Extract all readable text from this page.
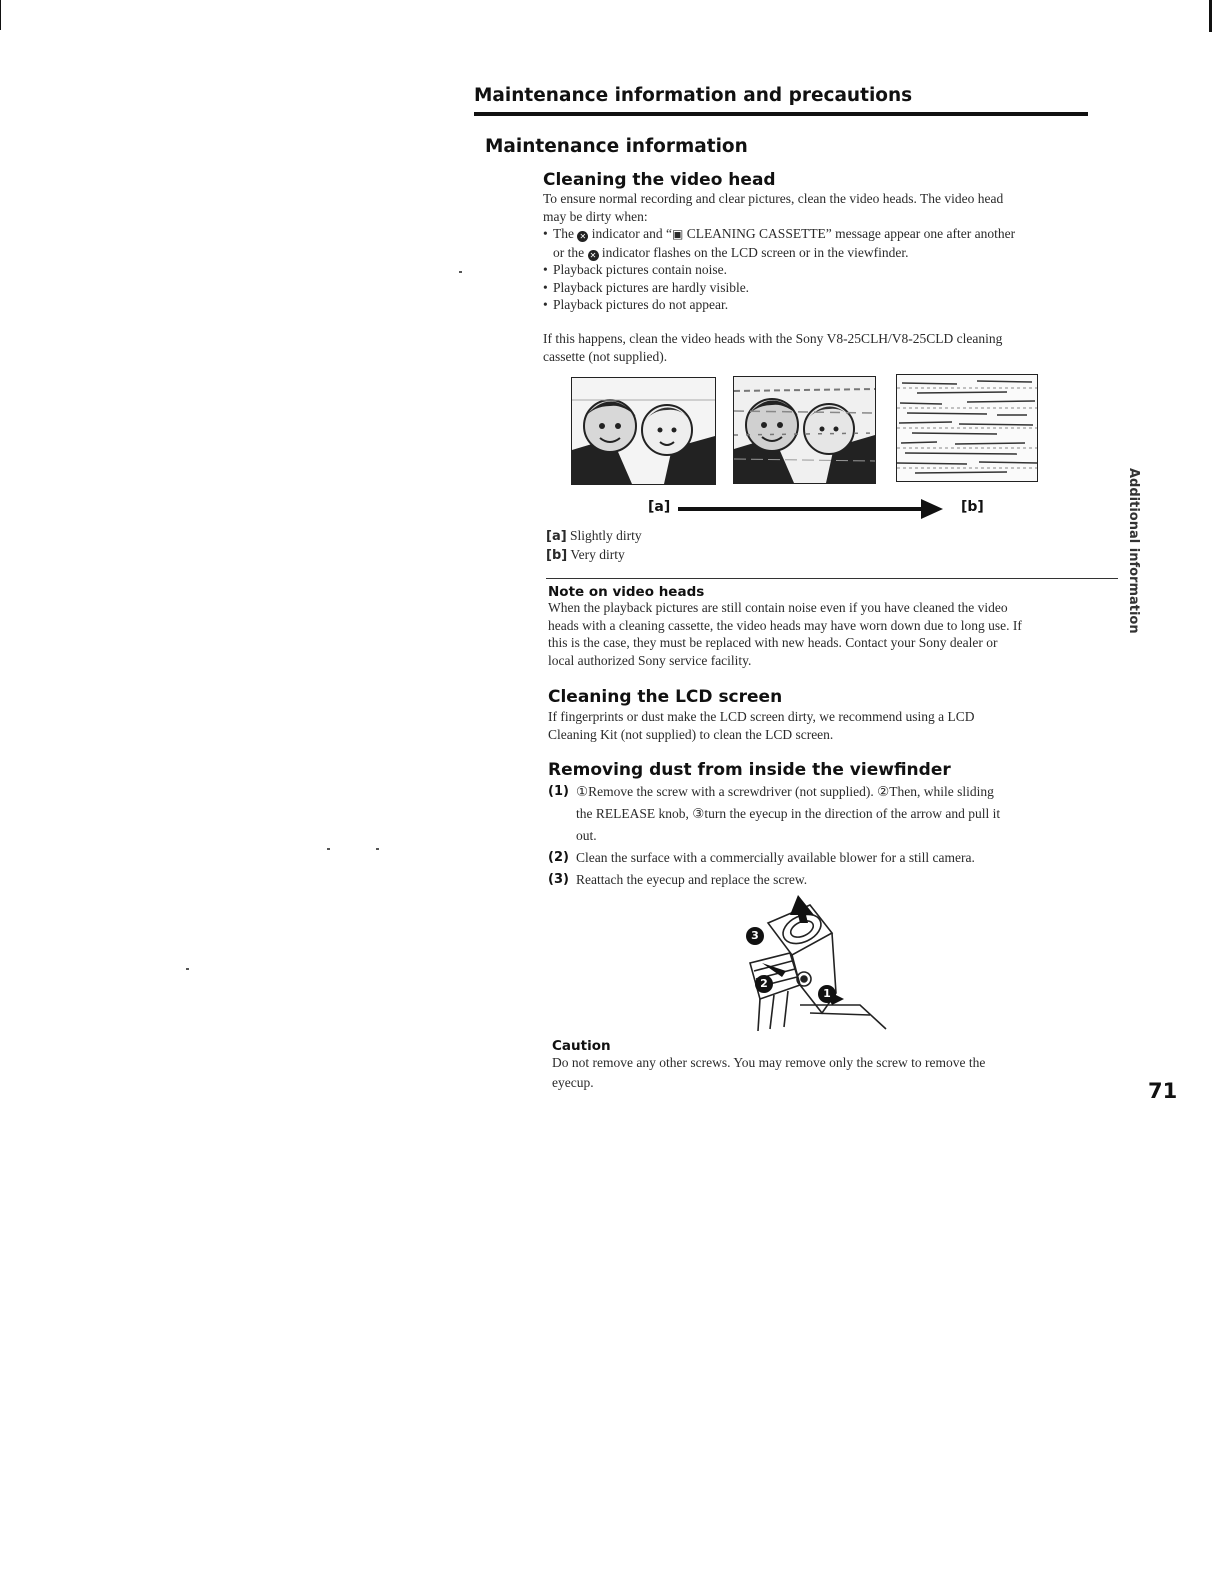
Maintenance information and precautions
Maintenance information
Cleaning the video head
To ensure normal recording and clear pictures, clean the video heads. The video head
may be dirty when:
• The ✕ indicator and “▣ CLEANING CASSETTE” message appear one after another
or the ✕ indicator flashes on the LCD screen or in the viewfinder.
• Playback pictures contain noise.
• Playback pictures are hardly visible.
• Playback pictures do not appear.
If this happens, clean the video heads with the Sony V8-25CLH/V8-25CLD cleaning
cassette (not supplied).
[a]	[b]
[a] Slightly dirty
[b] Very dirty
Note on video heads
When the playback pictures are still contain noise even if you have cleaned the video
heads with a cleaning cassette, the video heads may have worn down due to long use. If
this is the case, they must be replaced with new heads. Contact your Sony dealer or
local authorized Sony service facility.
Cleaning the LCD screen
If fingerprints or dust make the LCD screen dirty, we recommend using a LCD
Cleaning Kit (not supplied) to clean the LCD screen.
Removing dust from inside the viewfinder
(1) ①Remove the screw with a screwdriver (not supplied). ②Then, while sliding
the RELEASE knob, ③turn the eyecup in the direction of the arrow and pull it
out.
(2) Clean the surface with a commercially available blower for a still camera.
(3) Reattach the eyecup and replace the screw.
3
2
1
Caution
Do not remove any other screws. You may remove only the screw to remove the
eyecup.
Additional information
71
